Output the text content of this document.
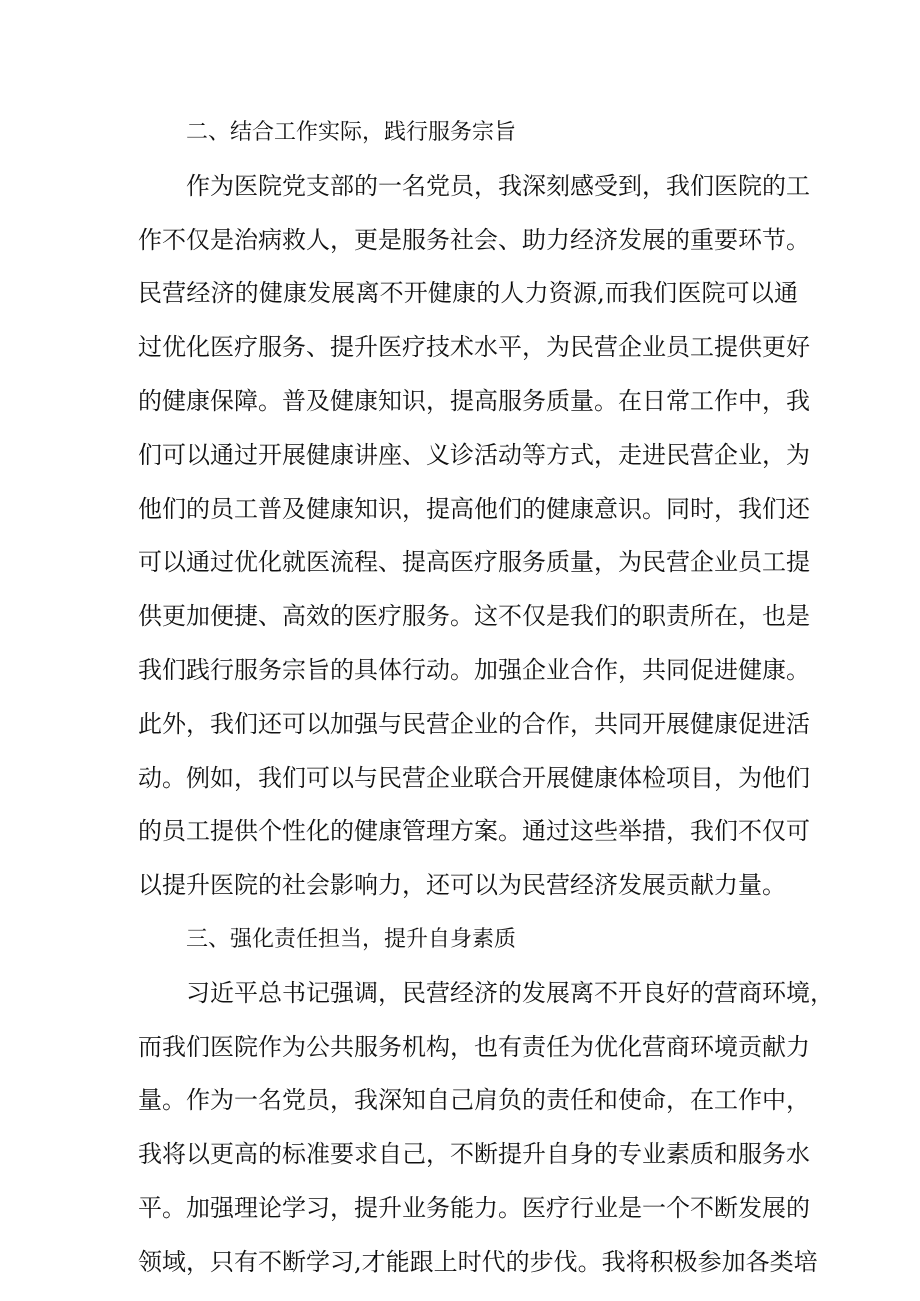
二、结合工作实际，践行服务宗旨
作为医院党支部的一名党员，我深刻感受到，我们医院的工
作不仅是治病救人，更是服务社会、助力经济发展的重要环节。
民营经济的健康发展离不开健康的人力资源,而我们医院可以通
过优化医疗服务、提升医疗技术水平，为民营企业员工提供更好
的健康保障。普及健康知识，提高服务质量。在日常工作中，我
们可以通过开展健康讲座、义诊活动等方式，走进民营企业，为
他们的员工普及健康知识，提高他们的健康意识。同时，我们还
可以通过优化就医流程、提高医疗服务质量，为民营企业员工提
供更加便捷、高效的医疗服务。这不仅是我们的职责所在，也是
我们践行服务宗旨的具体行动。加强企业合作，共同促进健康。
此外，我们还可以加强与民营企业的合作，共同开展健康促进活
动。例如，我们可以与民营企业联合开展健康体检项目，为他们
的员工提供个性化的健康管理方案。通过这些举措，我们不仅可
以提升医院的社会影响力，还可以为民营经济发展贡献力量。
三、强化责任担当，提升自身素质
习近平总书记强调，民营经济的发展离不开良好的营商环境，
而我们医院作为公共服务机构，也有责任为优化营商环境贡献力
量。作为一名党员，我深知自己肩负的责任和使命，在工作中，
我将以更高的标准要求自己，不断提升自身的专业素质和服务水
平。加强理论学习，提升业务能力。医疗行业是一个不断发展的
领域，只有不断学习,才能跟上时代的步伐。我将积极参加各类培
